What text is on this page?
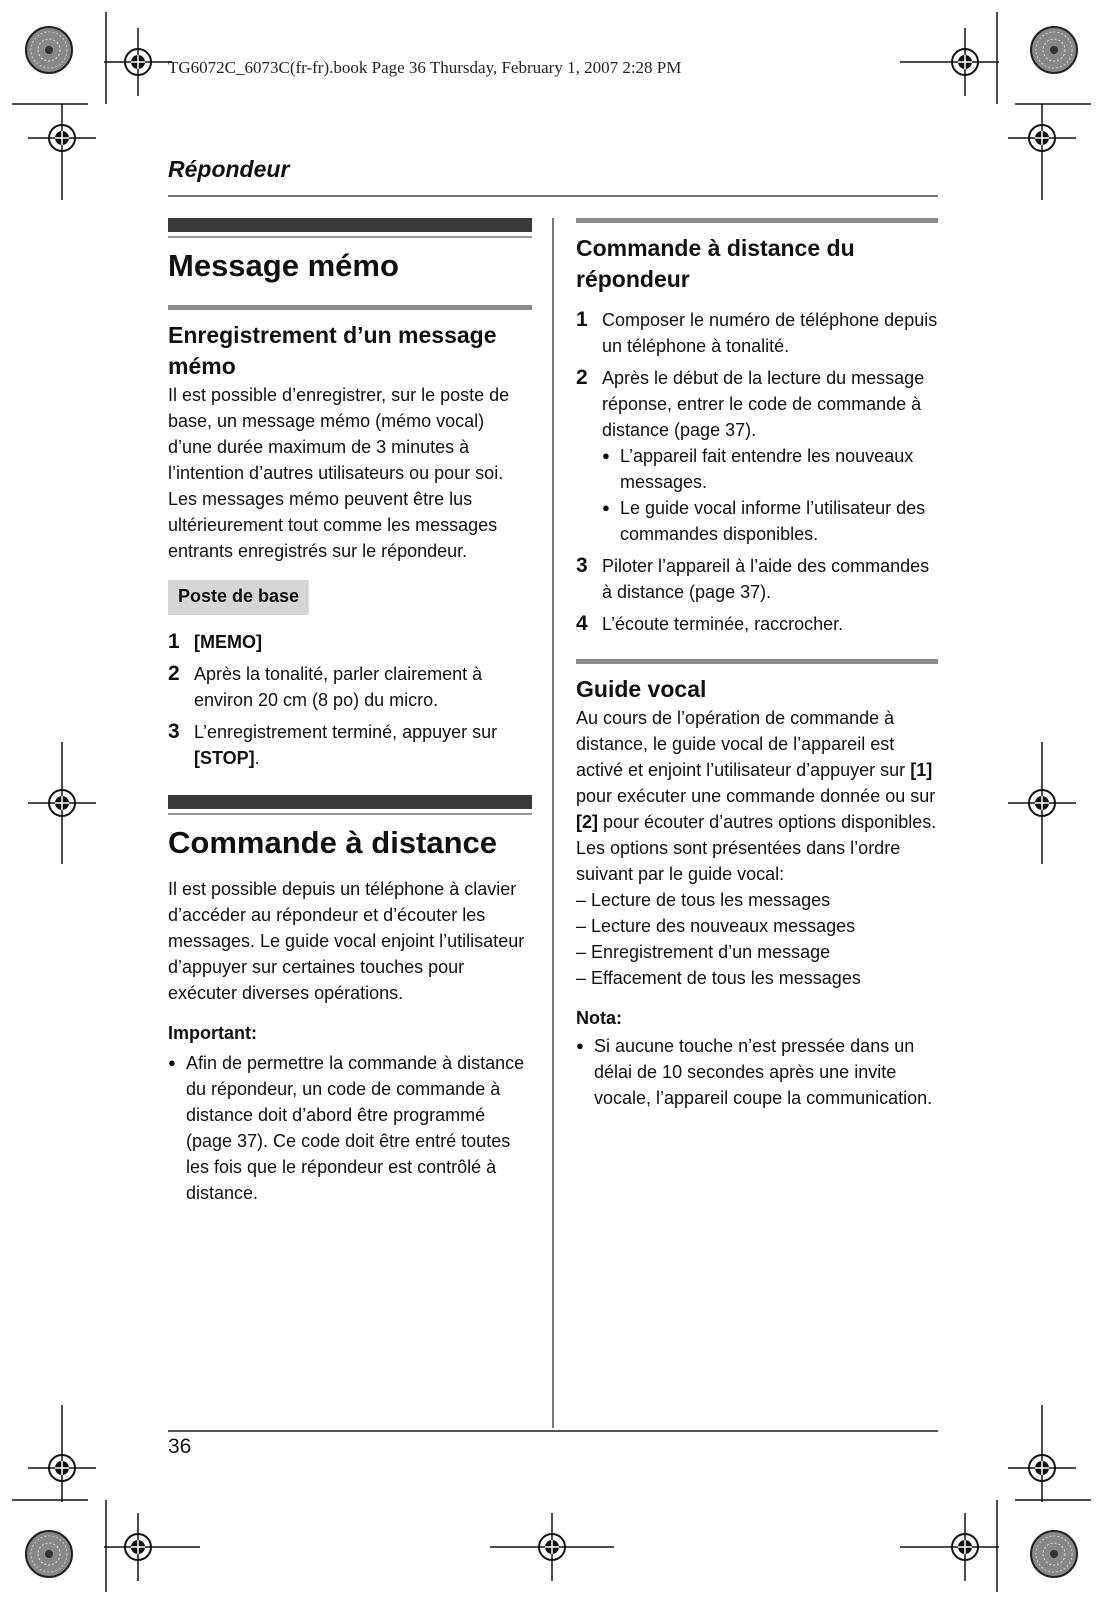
TG6072C_6073C(fr-fr).book Page 36 Thursday, February 1, 2007 2:28 PM
Répondeur
Message mémo
Enregistrement d’un message mémo

Il est possible d’enregistrer, sur le poste de base, un message mémo (mémo vocal) d’une durée maximum de 3 minutes à l’intention d’autres utilisateurs ou pour soi. Les messages mémo peuvent être lus ultérieurement tout comme les messages entrants enregistrés sur le répondeur.

Poste de base
1 [MEMO]
2 Après la tonalité, parler clairement à environ 20 cm (8 po) du micro.
3 L’enregistrement terminé, appuyer sur [STOP].
Commande à distance

Il est possible depuis un téléphone à clavier d’accéder au répondeur et d’écouter les messages. Le guide vocal enjoint l’utilisateur d’appuyer sur certaines touches pour exécuter diverses opérations.

Important:
● Afin de permettre la commande à distance du répondeur, un code de commande à distance doit d’abord être programmé (page 37). Ce code doit être entré toutes les fois que le répondeur est contrôlé à distance.
Commande à distance du répondeur
1 Composer le numéro de téléphone depuis un téléphone à tonalité.
2 Après le début de la lecture du message réponse, entrer le code de commande à distance (page 37).
● L’appareil fait entendre les nouveaux messages.
● Le guide vocal informe l’utilisateur des commandes disponibles.
3 Piloter l’appareil à l’aide des commandes à distance (page 37).
4 L’écoute terminée, raccrocher.
Guide vocal

Au cours de l’opération de commande à distance, le guide vocal de l’appareil est activé et enjoint l’utilisateur d’appuyer sur [1] pour exécuter une commande donnée ou sur [2] pour écouter d’autres options disponibles. Les options sont présentées dans l’ordre suivant par le guide vocal:

– Lecture de tous les messages
– Lecture des nouveaux messages
– Enregistrement d’un message
– Effacement de tous les messages
Nota:
● Si aucune touche n’est pressée dans un délai de 10 secondes après une invite vocale, l’appareil coupe la communication.
36
